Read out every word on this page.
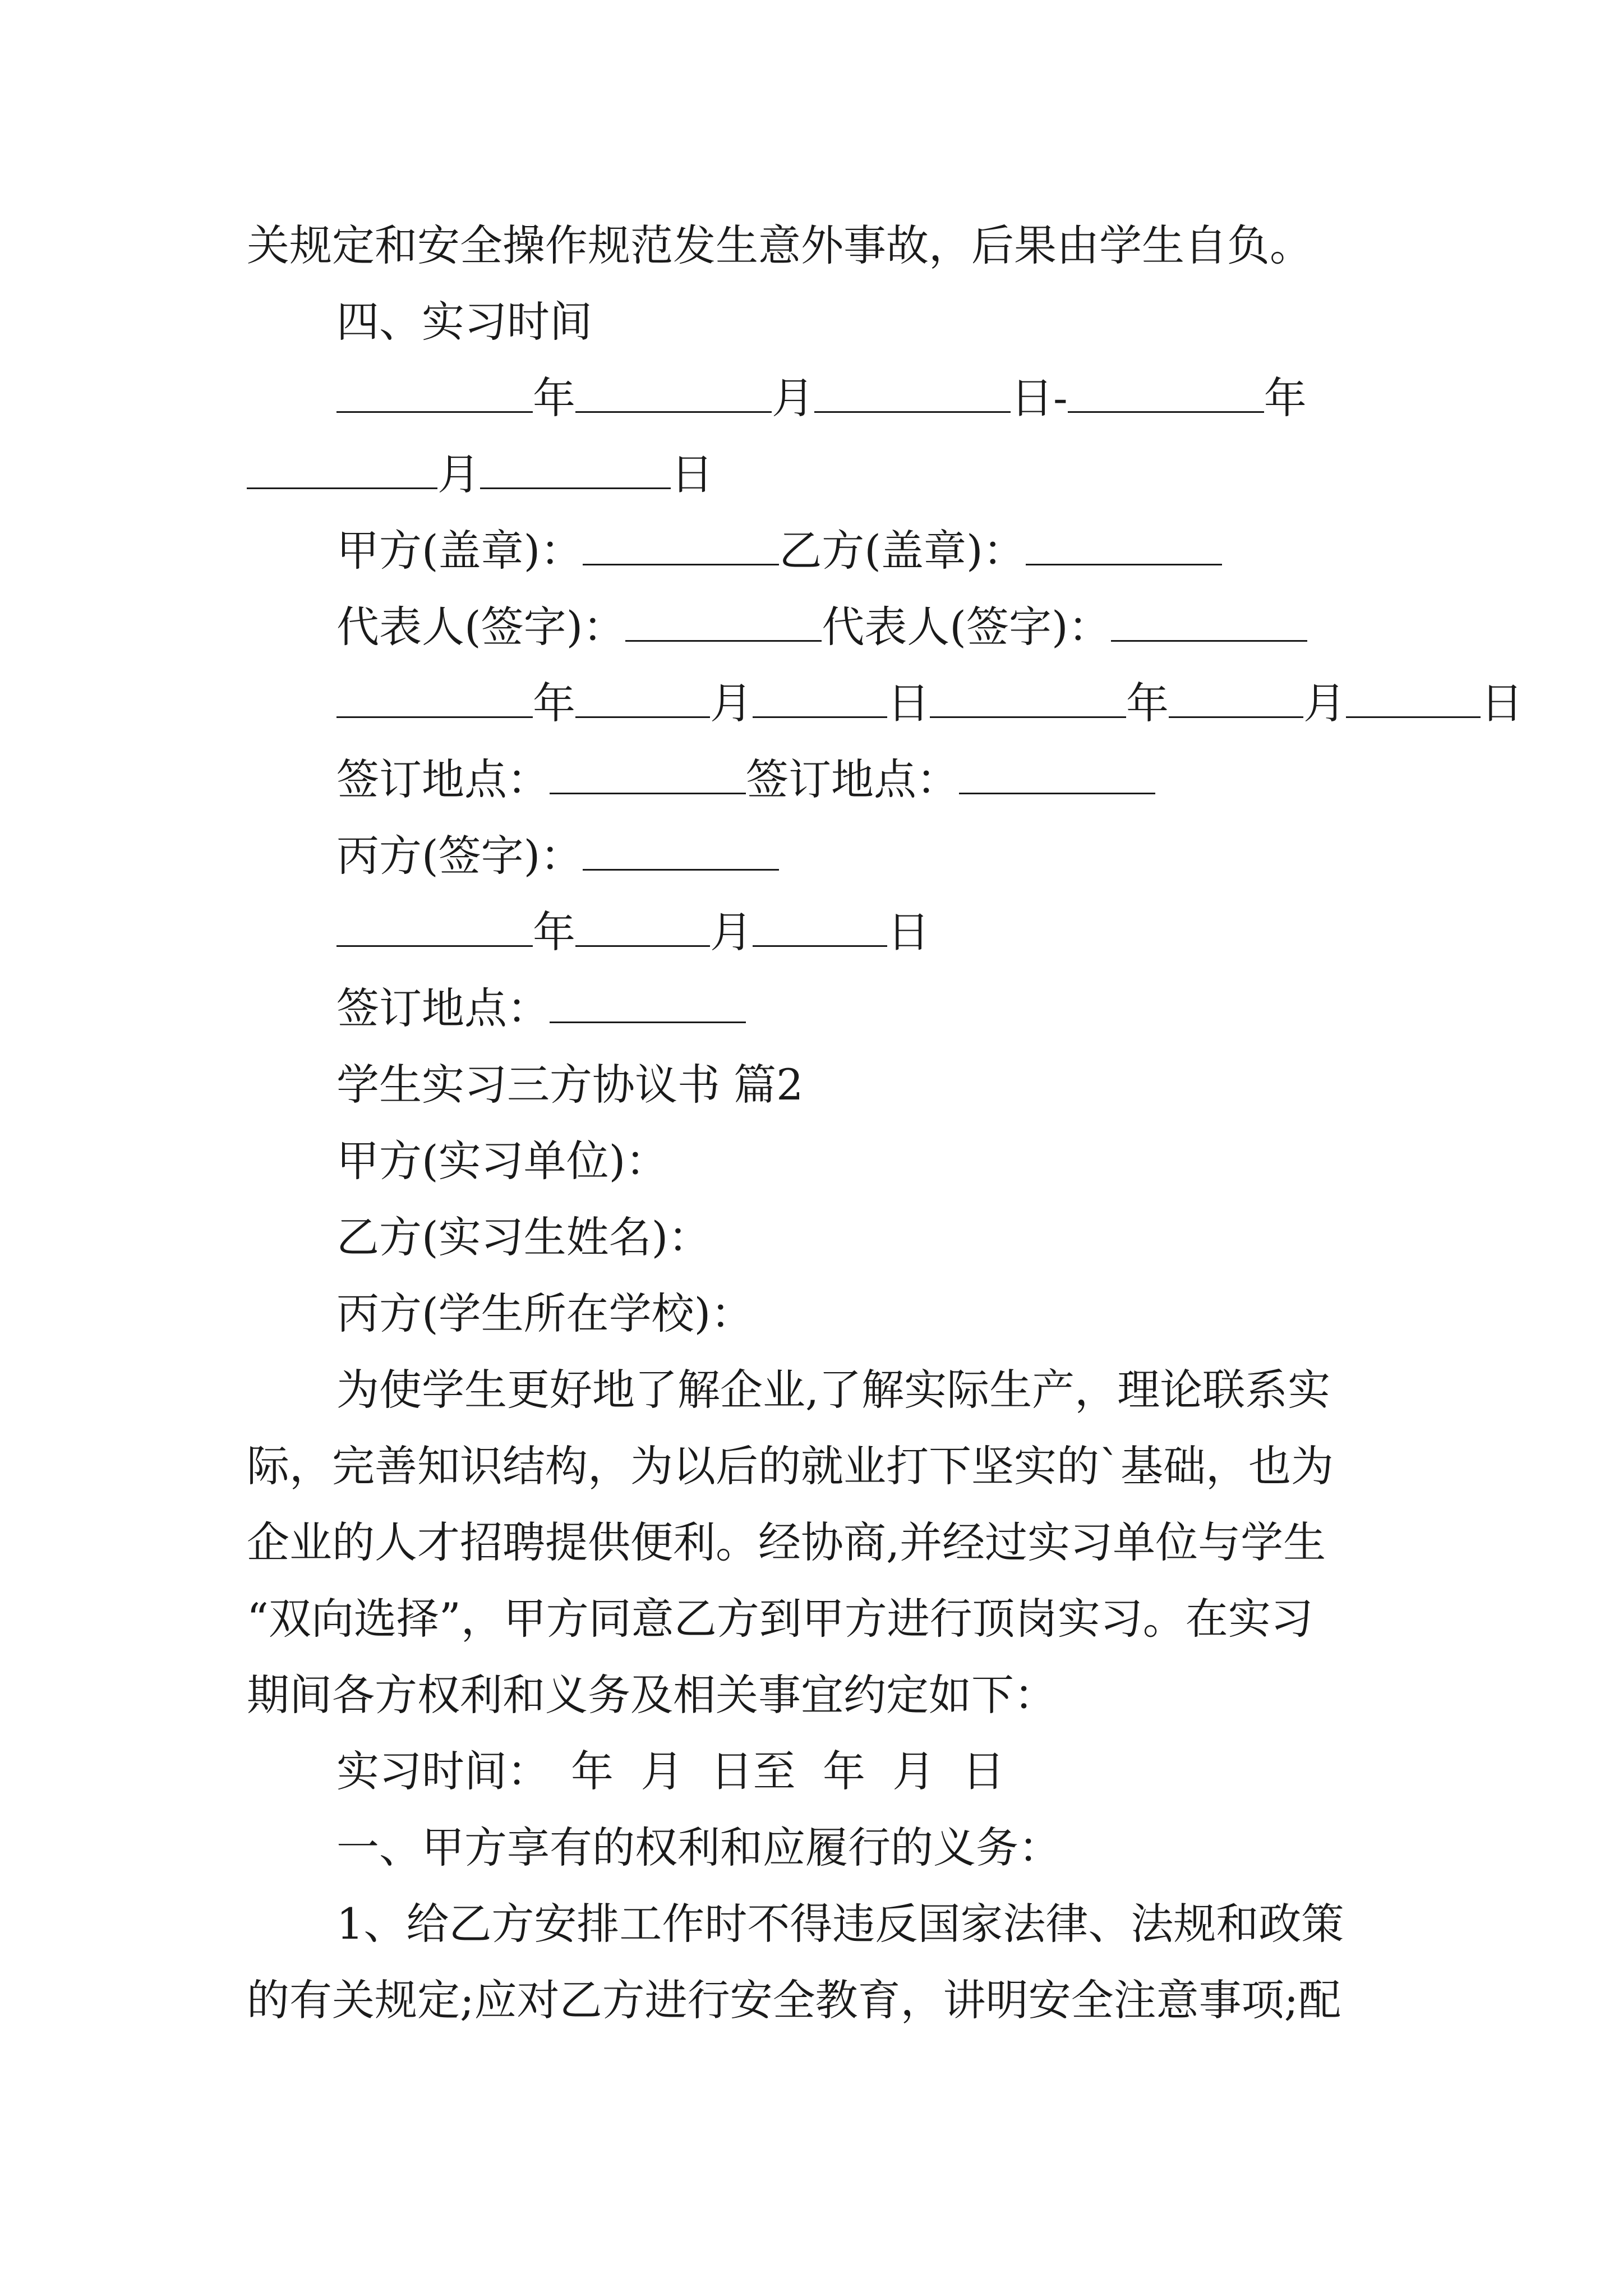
关规定和安全操作规范发生意外事故，后果由学生自负。
四、实习时间
年	月	日-	年
月	日
甲方(盖章)：	乙方(盖章)：
代表人(签字)：	代表人(签字)：
年	月	日	年	月	日
签订地点：	签订地点：
丙方(签字)：
年	月	日
签订地点：
学生实习三方协议书 篇2
甲方(实习单位)：
乙方(实习生姓名)：
丙方(学生所在学校)：
为使学生更好地了解企业,了解实际生产，理论联系实
际，完善知识结构，为以后的就业打下坚实的`基础，也为
企业的人才招聘提供便利。经协商,并经过实习单位与学生
“双向选择”，甲方同意乙方到甲方进行顶岗实习。在实习
期间各方权利和义务及相关事宜约定如下：
实习时间： 年  月  日至  年  月  日
一、甲方享有的权利和应履行的义务：
1、给乙方安排工作时不得违反国家法律、法规和政策
的有关规定;应对乙方进行安全教育，讲明安全注意事项;配
